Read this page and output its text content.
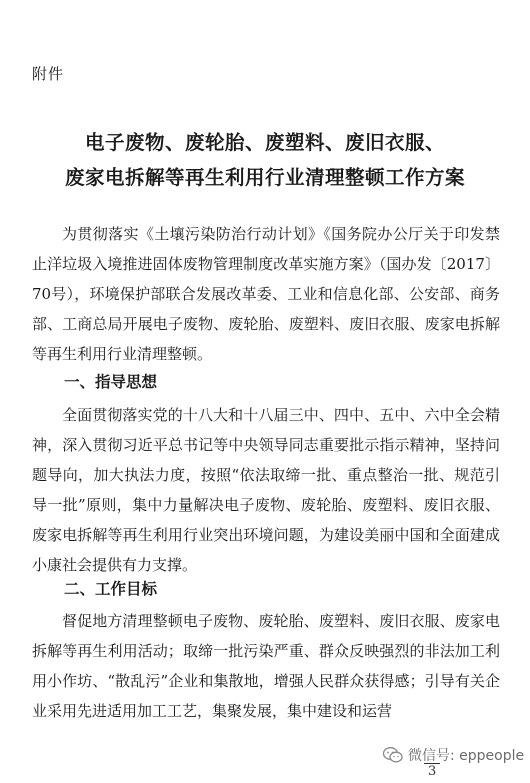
附件
电子废物、废轮胎、废塑料、废旧衣服、
废家电拆解等再生利用行业清理整顿工作方案

为贯彻落实《土壤污染防治行动计划》《国务院办公厅关于印发禁止洋垃圾入境推进固体废物管理制度改革实施方案》（国办发〔2017〕70号），环境保护部联合发展改革委、工业和信息化部、公安部、商务部、工商总局开展电子废物、废轮胎、废塑料、废旧衣服、废家电拆解等再生利用行业清理整顿。

一、指导思想

全面贯彻落实党的十八大和十八届三中、四中、五中、六中全会精神，深入贯彻习近平总书记等中央领导同志重要批示指示精神，坚持问题导向，加大执法力度，按照“依法取缔一批、重点整治一批、规范引导一批”原则，集中力量解决电子废物、废轮胎、废塑料、废旧衣服、废家电拆解等再生利用行业突出环境问题，为建设美丽中国和全面建成小康社会提供有力支撑。

二、工作目标

督促地方清理整顿电子废物、废轮胎、废塑料、废旧衣服、废家电拆解等再生利用活动；取缔一批污染严重、群众反映强烈的非法加工利用小作坊、“散乱污”企业和集散地，增强人民群众获得感；引导有关企业采用先进适用加工工艺，集聚发展，集中建设和运营

微信号: eppeople
3
